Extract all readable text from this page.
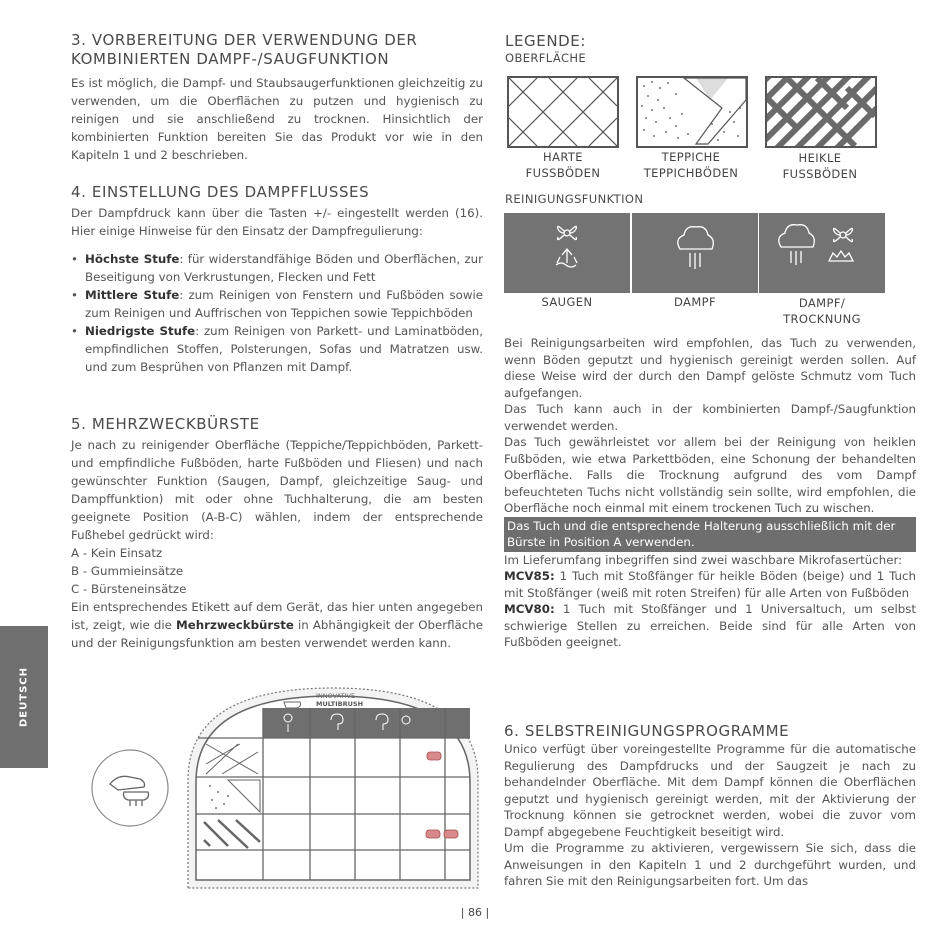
3. VORBEREITUNG DER VERWENDUNG DER
KOMBINIERTEN DAMPF-/SAUGFUNKTION
Es ist möglich, die Dampf- und Staubsaugerfunktionen gleichzeitig zu verwenden, um die Oberflächen zu putzen und hygienisch zu reinigen und sie anschließend zu trocknen. Hinsichtlich der kombinierten Funktion bereiten Sie das Produkt vor wie in den Kapiteln 1 und 2 beschrieben.
4. EINSTELLUNG DES DAMPFFLUSSES

Der Dampfdruck kann über die Tasten +/- eingestellt werden (16). Hier einige Hinweise für den Einsatz der Dampfregulierung:

• Höchste Stufe: für widerstandfähige Böden und Oberflächen, zur Beseitigung von Verkrustungen, Flecken und Fett
• Mittlere Stufe: zum Reinigen von Fenstern und Fußböden sowie zum Reinigen und Auffrischen von Teppichen sowie Teppichböden
• Niedrigste Stufe: zum Reinigen von Parkett- und Laminatböden, empfindlichen Stoffen, Polsterungen, Sofas und Matratzen usw. und zum Besprühen von Pflanzen mit Dampf.
5. MEHRZWECKBÜRSTE

Je nach zu reinigender Oberfläche (Teppiche/Teppichböden, Parkett- und empfindliche Fußböden, harte Fußböden und Fliesen) und nach gewünschter Funktion (Saugen, Dampf, gleichzeitige Saug- und Dampffunktion) mit oder ohne Tuchhalterung, die am besten geeignete Position (A-B-C) wählen, indem der entsprechende Fußhebel gedrückt wird:

A - Kein Einsatz

B - Gummieinsätze

C - Bürsteneinsätze

Ein entsprechendes Etikett auf dem Gerät, das hier unten angegeben ist, zeigt, wie die Mehrzweckbürste in Abhängigkeit der Oberfläche und der Reinigungsfunktion am besten verwendet werden kann.

INNOVATIVE
MULTIBRUSH
DEUTSCH
LEGENDE:
OBERFLÄCHE
HARTE
FUSSBÖDEN
TEPPICHE
TEPPICHBÖDEN
HEIKLE
FUSSBÖDEN
REINIGUNGSFUNKTION
SAUGEN	DAMPF	DAMPF/
TROCKNUNG

Bei Reinigungsarbeiten wird empfohlen, das Tuch zu verwenden, wenn Böden geputzt und hygienisch gereinigt werden sollen. Auf diese Weise wird der durch den Dampf gelöste Schmutz vom Tuch aufgefangen.

Das Tuch kann auch in der kombinierten Dampf-/Saugfunktion verwendet werden.

Das Tuch gewährleistet vor allem bei der Reinigung von heiklen Fußböden, wie etwa Parkettböden, eine Schonung der behandelten Oberfläche. Falls die Trocknung aufgrund des vom Dampf befeuchteten Tuchs nicht vollständig sein sollte, wird empfohlen, die Oberfläche noch einmal mit einem trockenen Tuch zu wischen.

Das Tuch und die entsprechende Halterung ausschließlich mit der Bürste in Position A verwenden.

Im Lieferumfang inbegriffen sind zwei waschbare Mikrofasertücher:

MCV85: 1 Tuch mit Stoßfänger für heikle Böden (beige) und 1 Tuch mit Stoßfänger (weiß mit roten Streifen) für alle Arten von Fußböden

MCV80: 1 Tuch mit Stoßfänger und 1 Universaltuch, um selbst schwierige Stellen zu erreichen. Beide sind für alle Arten von Fußböden geeignet.

6. SELBSTREINIGUNGSPROGRAMME

Unico verfügt über voreingestellte Programme für die automatische Regulierung des Dampfdrucks und der Saugzeit je nach zu behandelnder Oberfläche. Mit dem Dampf können die Oberflächen geputzt und hygienisch gereinigt werden, mit der Aktivierung der Trocknung können sie getrocknet werden, wobei die zuvor vom Dampf abgegebene Feuchtigkeit beseitigt wird.

Um die Programme zu aktivieren, vergewissern Sie sich, dass die Anweisungen in den Kapiteln 1 und 2 durchgeführt wurden, und fahren Sie mit den Reinigungsarbeiten fort. Um das

| 86 |
